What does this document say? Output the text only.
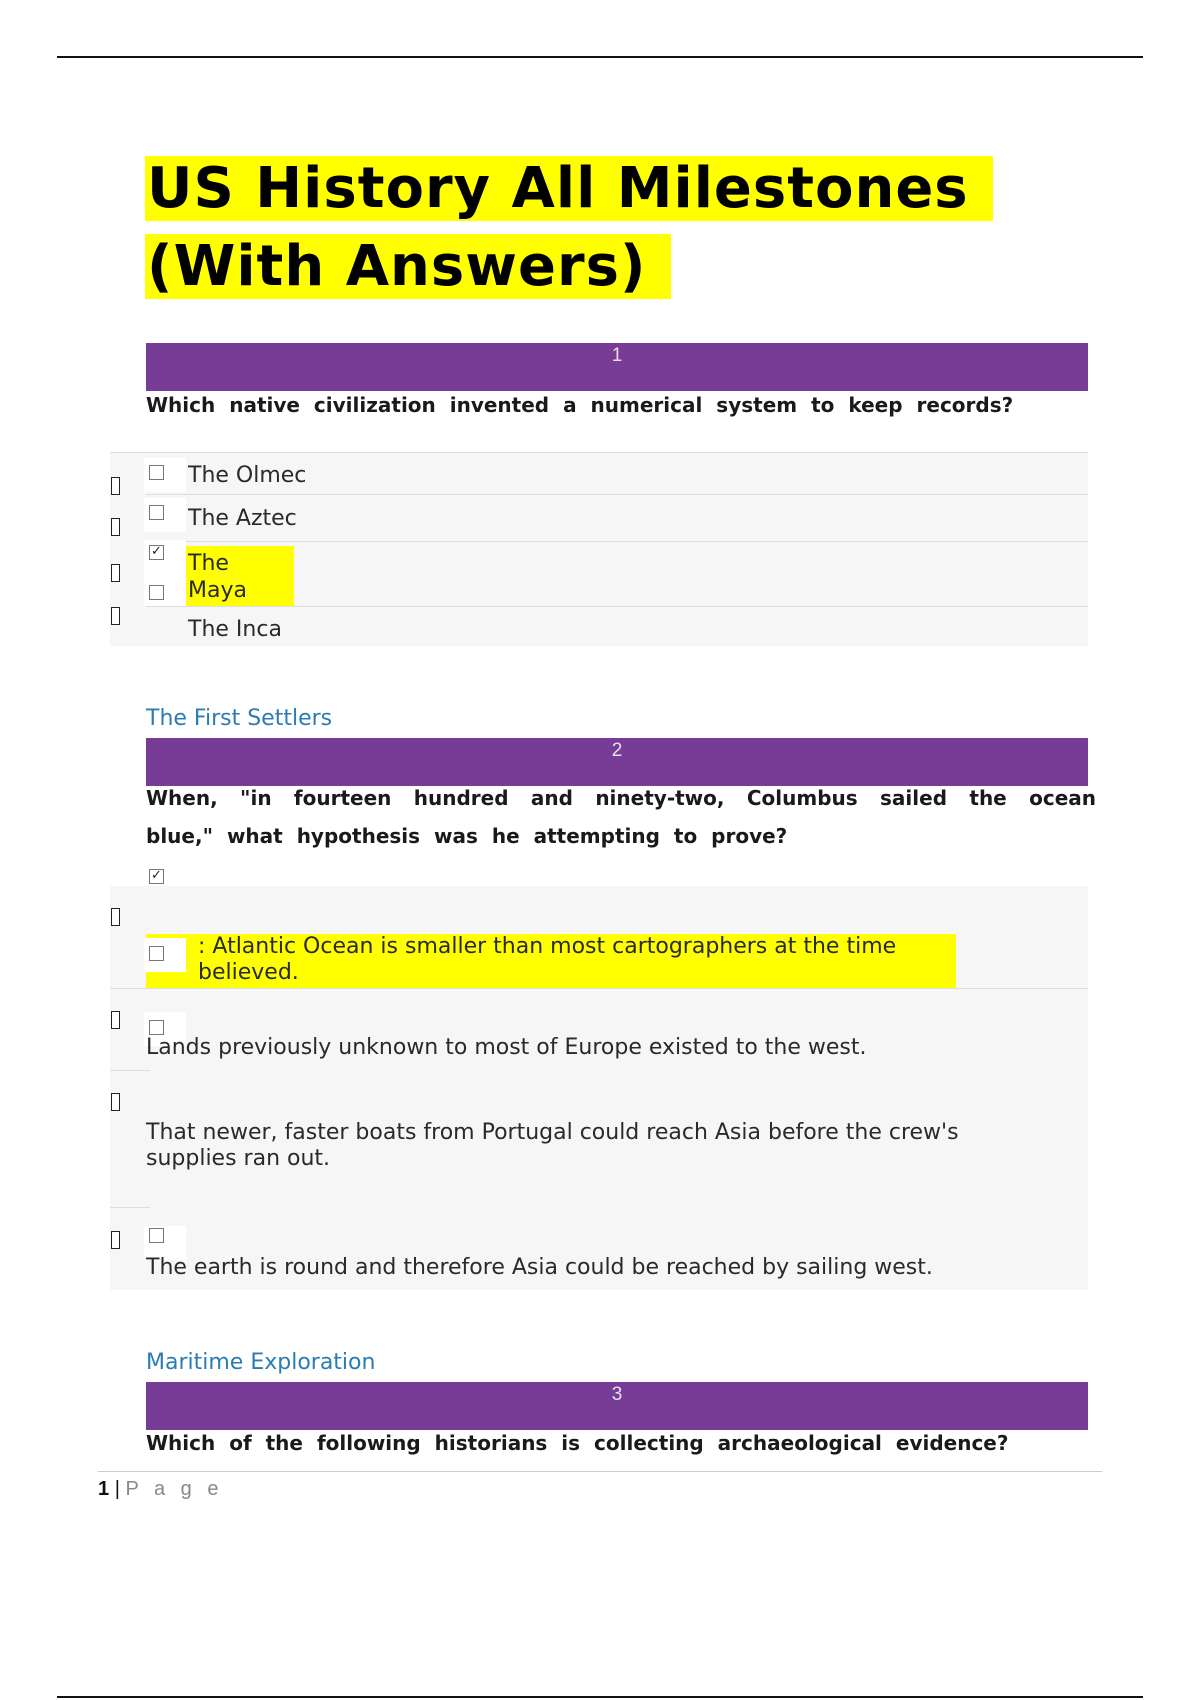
US History All Milestones (With Answers)
1
Which native civilization invented a numerical system to keep records?
The Olmec
The Aztec
✓ The Maya
The Inca
The First Settlers
2
When, "in fourteen hundred and ninety-two, Columbus sailed the ocean blue," what hypothesis was he attempting to prove?
✓
: Atlantic Ocean is smaller than most cartographers at the time believed.
Lands previously unknown to most of Europe existed to the west.
That newer, faster boats from Portugal could reach Asia before the crew's supplies ran out.
The earth is round and therefore Asia could be reached by sailing west.
Maritime Exploration
3
Which of the following historians is collecting archaeological evidence?
1 | P a g e
